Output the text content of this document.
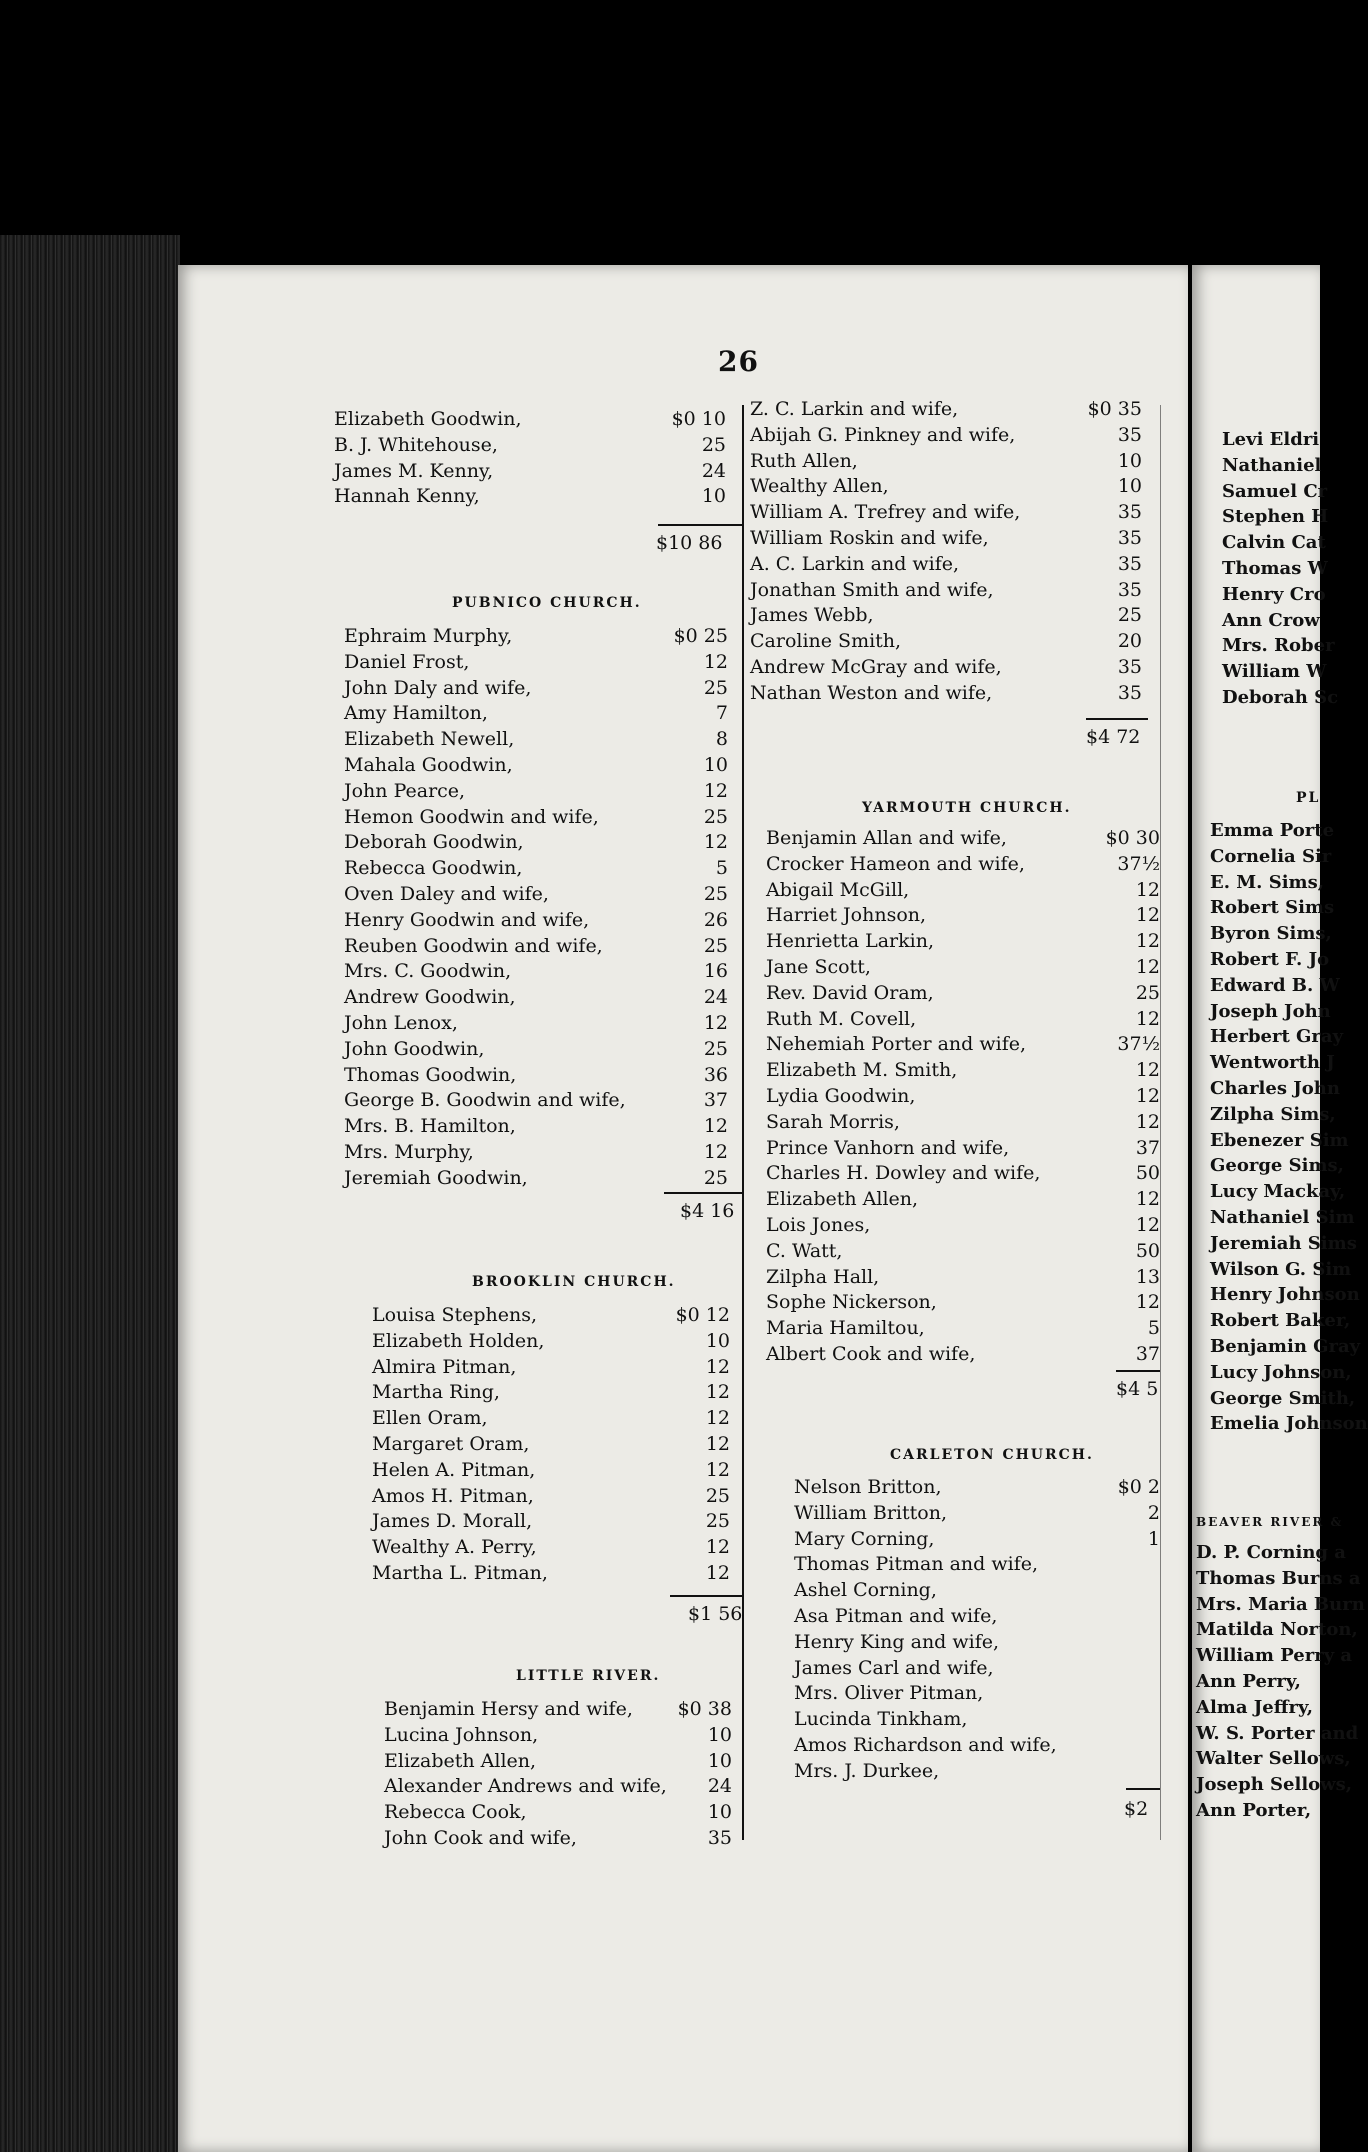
26
Elizabeth Goodwin,	$0 10
B. J. Whitehouse,	25
James M. Kenny,	24
Hannah Kenny,	10
$10 86
PUBNICO CHURCH.
Ephraim Murphy,	$0 25
Daniel Frost,	12
John Daly and wife,	25
Amy Hamilton,	7
Elizabeth Newell,	8
Mahala Goodwin,	10
John Pearce,	12
Hemon Goodwin and wife,	25
Deborah Goodwin,	12
Rebecca Goodwin,	5
Oven Daley and wife,	25
Henry Goodwin and wife,	26
Reuben Goodwin and wife,	25
Mrs. C. Goodwin,	16
Andrew Goodwin,	24
John Lenox,	12
John Goodwin,	25
Thomas Goodwin,	36
George B. Goodwin and wife,	37
Mrs. B. Hamilton,	12
Mrs. Murphy,	12
Jeremiah Goodwin,	25
$4 16
BROOKLIN CHURCH.
Louisa Stephens,	$0 12
Elizabeth Holden,	10
Almira Pitman,	12
Martha Ring,	12
Ellen Oram,	12
Margaret Oram,	12
Helen A. Pitman,	12
Amos H. Pitman,	25
James D. Morall,	25
Wealthy A. Perry,	12
Martha L. Pitman,	12
$1 56
LITTLE RIVER.
Benjamin Hersy and wife, $0 38
Lucina Johnson,	10
Elizabeth Allen,	10
Alexander Andrews and wife, 24
Rebecca Cook,	10
John Cook and wife,	35
Z. C. Larkin and wife,	$0 35
Abijah G. Pinkney and wife,	35
Ruth Allen,	10
Wealthy Allen,	10
William A. Trefrey and wife,	35
William Roskin and wife,	35
A. C. Larkin and wife,	35
Jonathan Smith and wife,	35
James Webb,	25
Caroline Smith,	20
Andrew McGray and wife,	35
Nathan Weston and wife,	35
$4 72
YARMOUTH CHURCH.
Benjamin Allan and wife,	$0 30
Crocker Hameon and wife,	37½
Abigail McGill,	12
Harriet Johnson,	12
Henrietta Larkin,	12
Jane Scott,	12
Rev. David Oram,	25
Ruth M. Covell,	12
Nehemiah Porter and wife,	37½
Elizabeth M. Smith,	12
Lydia Goodwin,	12
Sarah Morris,	12
Prince Vanhorn and wife,	37
Charles H. Dowley and wife,	50
Elizabeth Allen,	12
Lois Jones,	12
C. Watt,	50
Zilpha Hall,	13
Sophe Nickerson,	12
Maria Hamiltou,	5
Albert Cook and wife,	37
$4 5
CARLETON CHURCH.
Nelson Britton,	$0 2
William Britton,	2
Mary Corning,	1
Thomas Pitman and wife,
Ashel Corning,
Asa Pitman and wife,
Henry King and wife,
James Carl and wife,
Mrs. Oliver Pitman,
Lucinda Tinkham,
Amos Richardson and wife,
Mrs. J. Durkee,
$2
Levi Eldri
Nathaniel
Samuel Cr
Stephen H
Calvin Cat
Thomas W
Henry Cro
Ann Crow
Mrs. Rober
William W
Deborah Sc
PL
Emma Porte
Cornelia Sir
E. M. Sims,
Robert Sims
Byron Sims,
Robert F. Jo
Edward B. W
Joseph John
Herbert Gray
Wentworth J
Charles John
Zilpha Sims,
Ebenezer Sim
George Sims,
Lucy Mackay,
Nathaniel Sim
Jeremiah Sims
Wilson G. Sim
Henry Johnson
Robert Baker,
Benjamin Gray
Lucy Johnson,
George Smith,
Emelia Johnson
BEAVER RIVER &
D. P. Corning a
Thomas Burns a
Mrs. Maria Burn
Matilda Norton,
William Perry a
Ann Perry,
Alma Jeffry,
W. S. Porter and
Walter Sellows,
Joseph Sellows,
Ann Porter,
